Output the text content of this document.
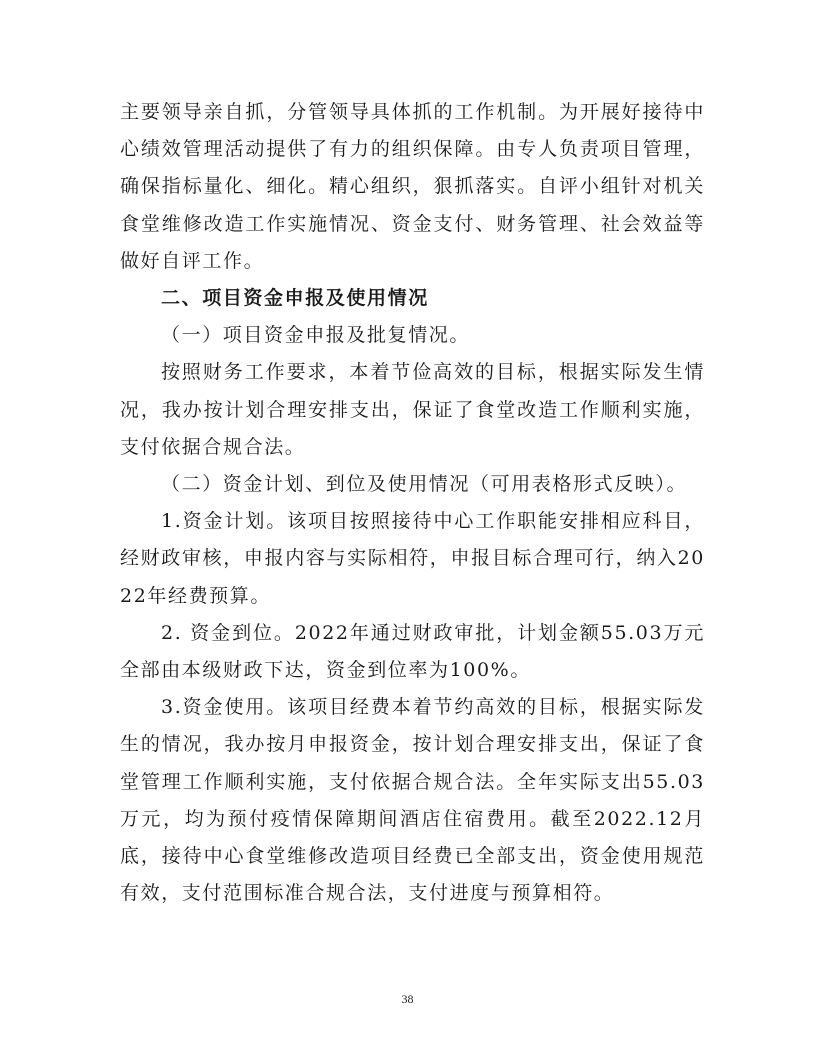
主要领导亲自抓，分管领导具体抓的工作机制。为开展好接待中心绩效管理活动提供了有力的组织保障。由专人负责项目管理，确保指标量化、细化。精心组织，狠抓落实。自评小组针对机关食堂维修改造工作实施情况、资金支付、财务管理、社会效益等做好自评工作。

二、项目资金申报及使用情况

（一）项目资金申报及批复情况。

按照财务工作要求，本着节俭高效的目标，根据实际发生情况，我办按计划合理安排支出，保证了食堂改造工作顺利实施，支付依据合规合法。

（二）资金计划、到位及使用情况（可用表格形式反映）。

1.资金计划。该项目按照接待中心工作职能安排相应科目，经财政审核，申报内容与实际相符，申报目标合理可行，纳入2022年经费预算。

2. 资金到位。2022年通过财政审批，计划金额55.03万元全部由本级财政下达，资金到位率为100%。

3.资金使用。该项目经费本着节约高效的目标，根据实际发生的情况，我办按月申报资金，按计划合理安排支出，保证了食堂管理工作顺利实施，支付依据合规合法。全年实际支出55.03万元，均为预付疫情保障期间酒店住宿费用。截至2022.12月底，接待中心食堂维修改造项目经费已全部支出，资金使用规范有效，支付范围标准合规合法，支付进度与预算相符。

38
